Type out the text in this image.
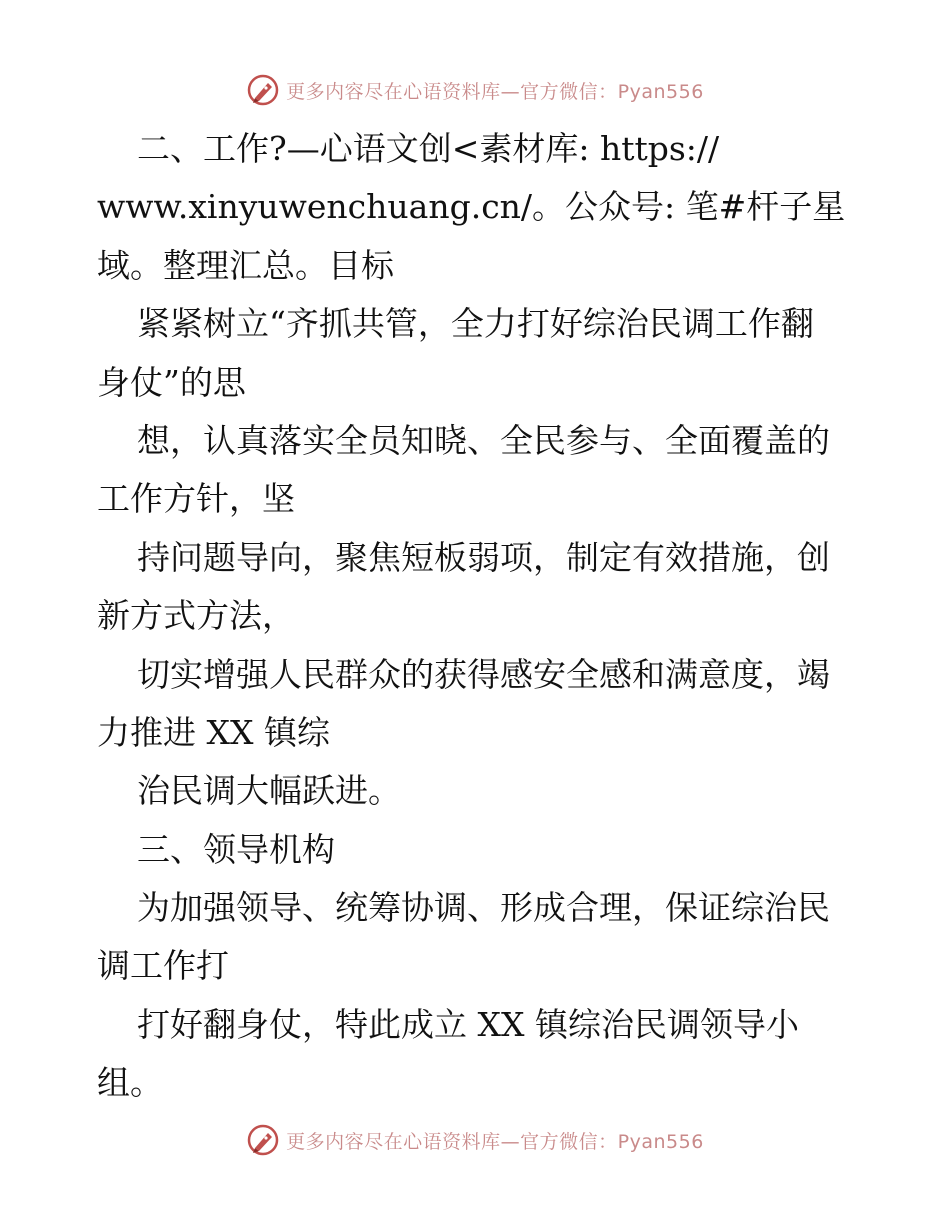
更多内容尽在心语资料库—官方微信：Pyan556
二、工作?—心语文创<素材库: https://
www.xinyuwenchuang.cn/。公众号: 笔#杆子星
域。整理汇总。目标
紧紧树立“齐抓共管，全力打好综治民调工作翻
身仗”的思
想，认真落实全员知晓、全民参与、全面覆盖的
工作方针，坚
持问题导向，聚焦短板弱项，制定有效措施，创
新方式方法，
切实增强人民群众的获得感安全感和满意度，竭
力推进 XX 镇综
治民调大幅跃进。
三、领导机构
为加强领导、统筹协调、形成合理，保证综治民
调工作打
打好翻身仗，特此成立 XX 镇综治民调领导小
组。
更多内容尽在心语资料库—官方微信：Pyan556
